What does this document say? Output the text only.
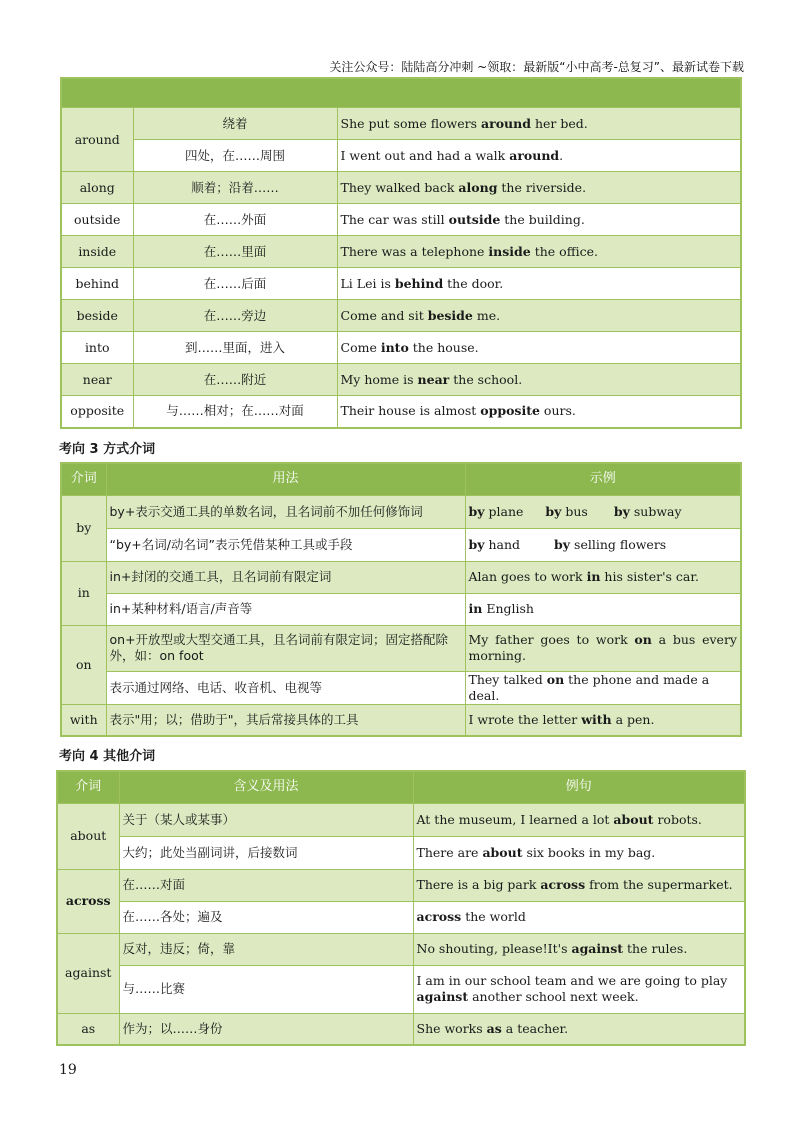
关注公众号：陆陆高分冲刺 ~领取：最新版“小中高考-总复习”、最新试卷下载

around	绕着	She put some flowers around her bed.
	四处，在……周围	I went out and had a walk around.
along	顺着；沿着……	They walked back along the riverside.
outside	在……外面	The car was still outside the building.
inside	在……里面	There was a telephone inside the office.
behind	在……后面	Li Lei is behind the door.
beside	在……旁边	Come and sit beside me.
into	到……里面，进入	Come into the house.
near	在……附近	My home is near the school.
opposite	与……相对；在……对面	Their house is almost opposite ours.
考向 3 方式介词
介词	用法	示例
by	by+表示交通工具的单数名词，且名词前不加任何修饰词	by plane by bus by subway
	“by+名词/动名词”表示凭借某种工具或手段	by hand by selling flowers
in	in+封闭的交通工具，且名词前有限定词	Alan goes to work in his sister's car.
	in+某种材料/语言/声音等	in English
on	on+开放型或大型交通工具，且名词前有限定词；固定搭配除外，如：on foot	My father goes to work on a bus every morning.
	表示通过网络、电话、收音机、电视等	They talked on the phone and made a deal.
with	表示"用；以；借助于"，其后常接具体的工具	I wrote the letter with a pen.
考向 4 其他介词
介词	含义及用法	例句
about	关于（某人或某事）	At the museum, I learned a lot about robots.
	大约；此处当副词讲，后接数词	There are about six books in my bag.
across	在……对面	There is a big park across from the supermarket.
	在……各处；遍及	across the world
against	反对，违反；倚，靠	No shouting, please!It's against the rules.
	与……比赛	I am in our school team and we are going to play against another school next week.
as	作为；以……身份	She works as a teacher.
19
